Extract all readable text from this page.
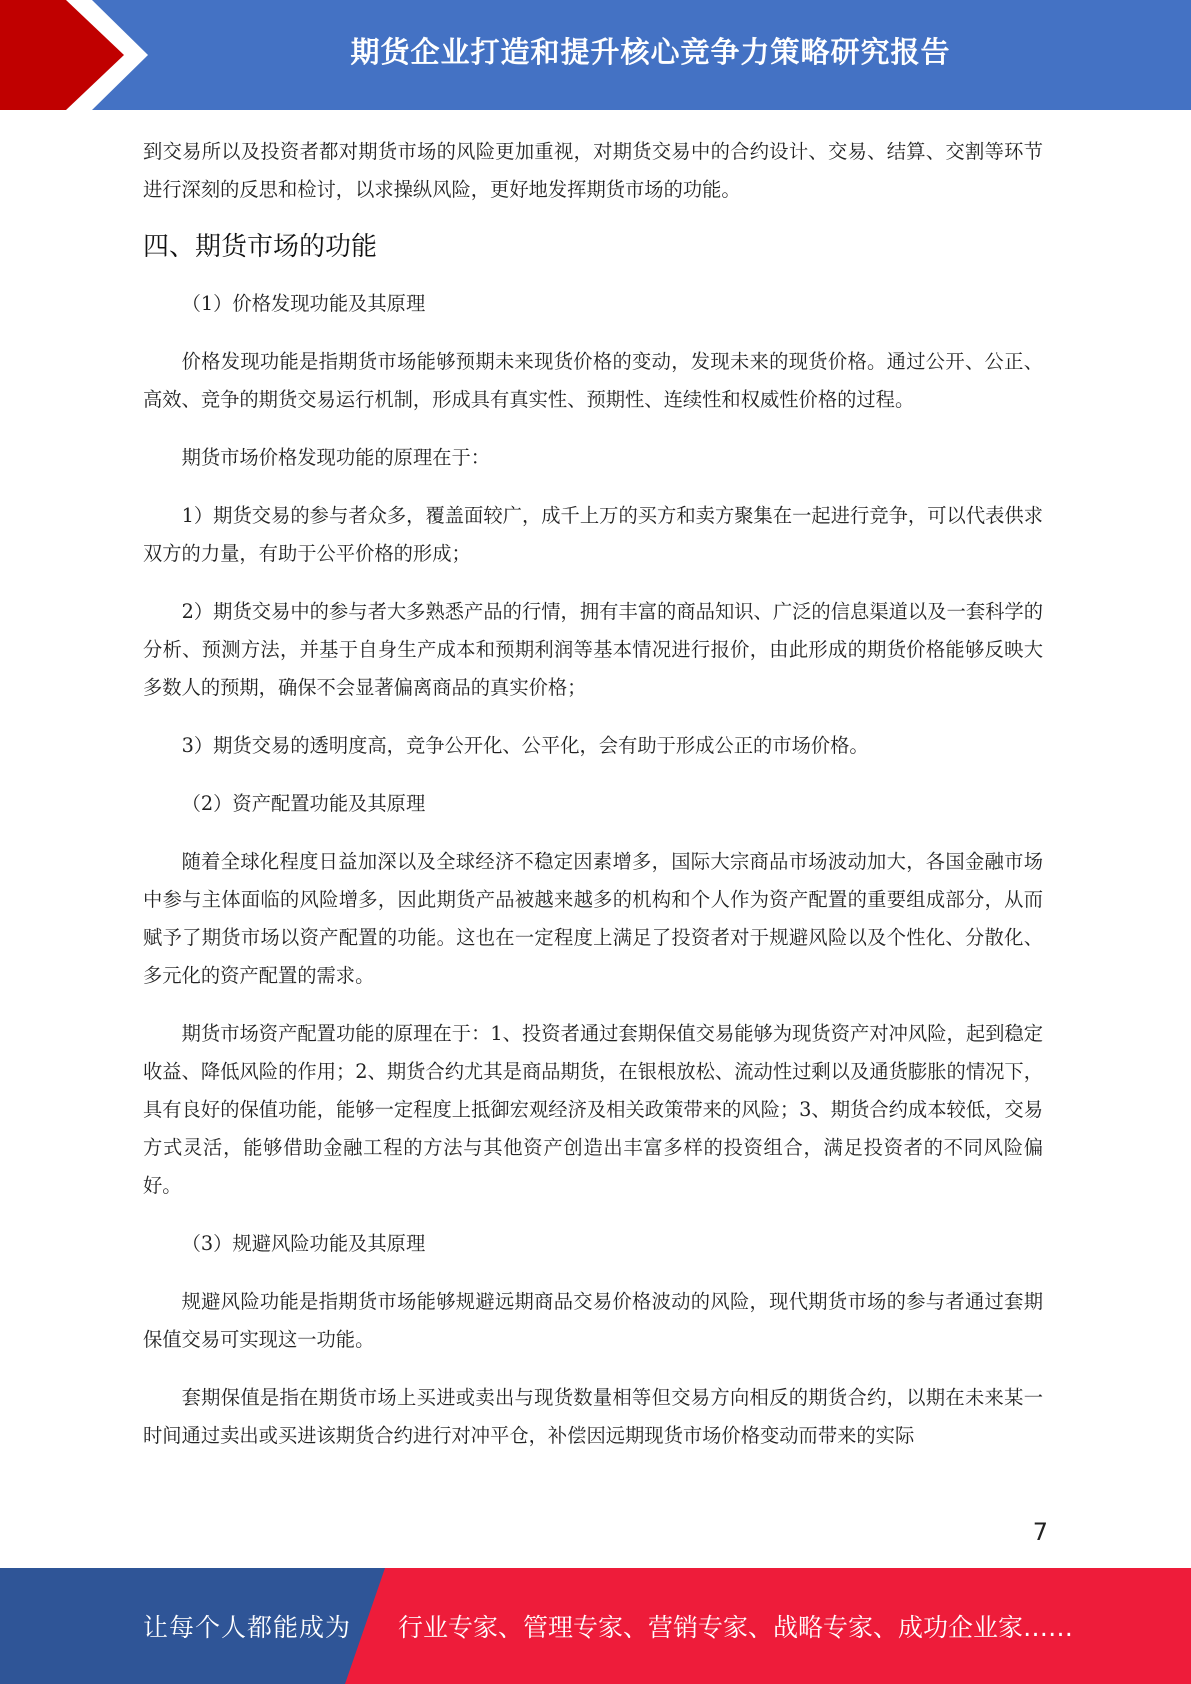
期货企业打造和提升核心竞争力策略研究报告

到交易所以及投资者都对期货市场的风险更加重视，对期货交易中的合约设计、交易、结算、交割等环节进行深刻的反思和检讨，以求操纵风险，更好地发挥期货市场的功能。

四、期货市场的功能

（1）价格发现功能及其原理

价格发现功能是指期货市场能够预期未来现货价格的变动，发现未来的现货价格。通过公开、公正、高效、竞争的期货交易运行机制，形成具有真实性、预期性、连续性和权威性价格的过程。

期货市场价格发现功能的原理在于：

1）期货交易的参与者众多，覆盖面较广，成千上万的买方和卖方聚集在一起进行竞争，可以代表供求双方的力量，有助于公平价格的形成；

2）期货交易中的参与者大多熟悉产品的行情，拥有丰富的商品知识、广泛的信息渠道以及一套科学的分析、预测方法，并基于自身生产成本和预期利润等基本情况进行报价，由此形成的期货价格能够反映大多数人的预期，确保不会显著偏离商品的真实价格；

3）期货交易的透明度高，竞争公开化、公平化，会有助于形成公正的市场价格。

（2）资产配置功能及其原理

随着全球化程度日益加深以及全球经济不稳定因素增多，国际大宗商品市场波动加大，各国金融市场中参与主体面临的风险增多，因此期货产品被越来越多的机构和个人作为资产配置的重要组成部分，从而赋予了期货市场以资产配置的功能。这也在一定程度上满足了投资者对于规避风险以及个性化、分散化、多元化的资产配置的需求。

期货市场资产配置功能的原理在于：1、投资者通过套期保值交易能够为现货资产对冲风险，起到稳定收益、降低风险的作用；2、期货合约尤其是商品期货，在银根放松、流动性过剩以及通货膨胀的情况下，具有良好的保值功能，能够一定程度上抵御宏观经济及相关政策带来的风险；3、期货合约成本较低，交易方式灵活，能够借助金融工程的方法与其他资产创造出丰富多样的投资组合，满足投资者的不同风险偏好。

（3）规避风险功能及其原理

规避风险功能是指期货市场能够规避远期商品交易价格波动的风险，现代期货市场的参与者通过套期保值交易可实现这一功能。

套期保值是指在期货市场上买进或卖出与现货数量相等但交易方向相反的期货合约，以期在未来某一时间通过卖出或买进该期货合约进行对冲平仓，补偿因远期现货市场价格变动而带来的实际

7
让每个人都能成为 行业专家、管理专家、营销专家、战略专家、成功企业家……
